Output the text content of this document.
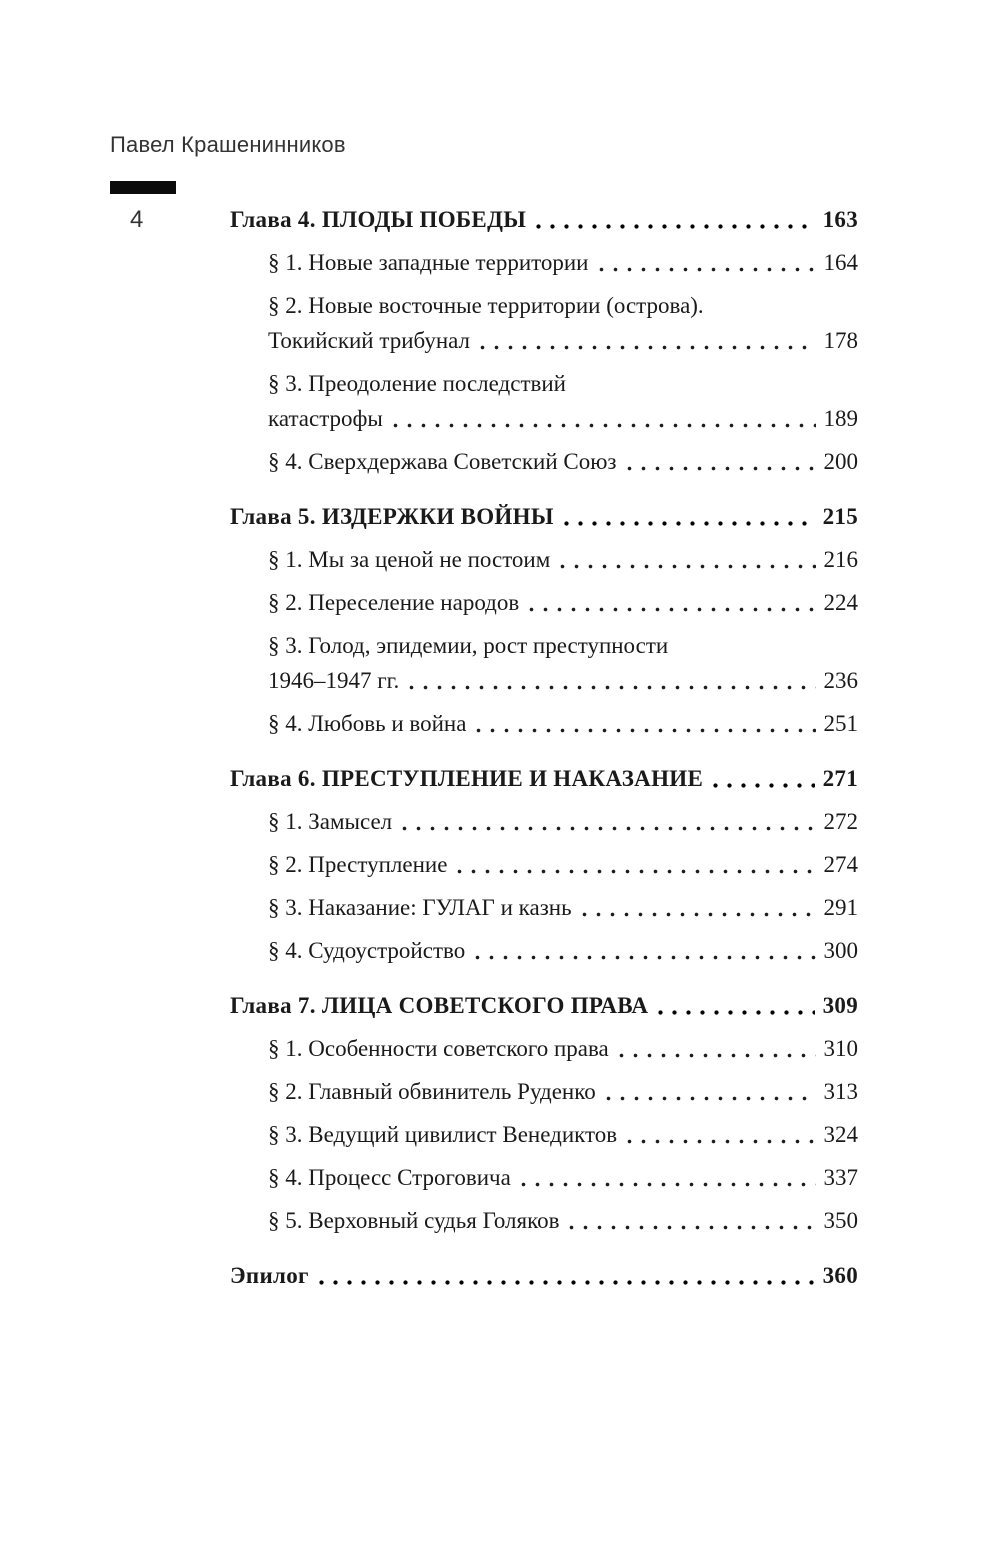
Павел Крашенинников
4	Глава 4. ПЛОДЫ ПОБЕДЫ	163
§ 1. Новые западные территории	164
§ 2. Новые восточные территории (острова).
Токийский трибунал	178
§ 3. Преодоление последствий
катастрофы	189
§ 4. Сверхдержава Советский Союз	200
Глава 5. ИЗДЕРЖКИ ВОЙНЫ	215
§ 1. Мы за ценой не постоим	216
§ 2. Переселение народов	224
§ 3. Голод, эпидемии, рост преступности
1946–1947 гг.	236
§ 4. Любовь и война	251
Глава 6. ПРЕСТУПЛЕНИЕ И НАКАЗАНИЕ	271
§ 1. Замысел	272
§ 2. Преступление	274
§ 3. Наказание: ГУЛАГ и казнь	291
§ 4. Судоустройство	300
Глава 7. ЛИЦА СОВЕТСКОГО ПРАВА	309
§ 1. Особенности советского права	310
§ 2. Главный обвинитель Руденко	313
§ 3. Ведущий цивилист Венедиктов	324
§ 4. Процесс Строговича	337
§ 5. Верховный судья Голяков	350
Эпилог	360
